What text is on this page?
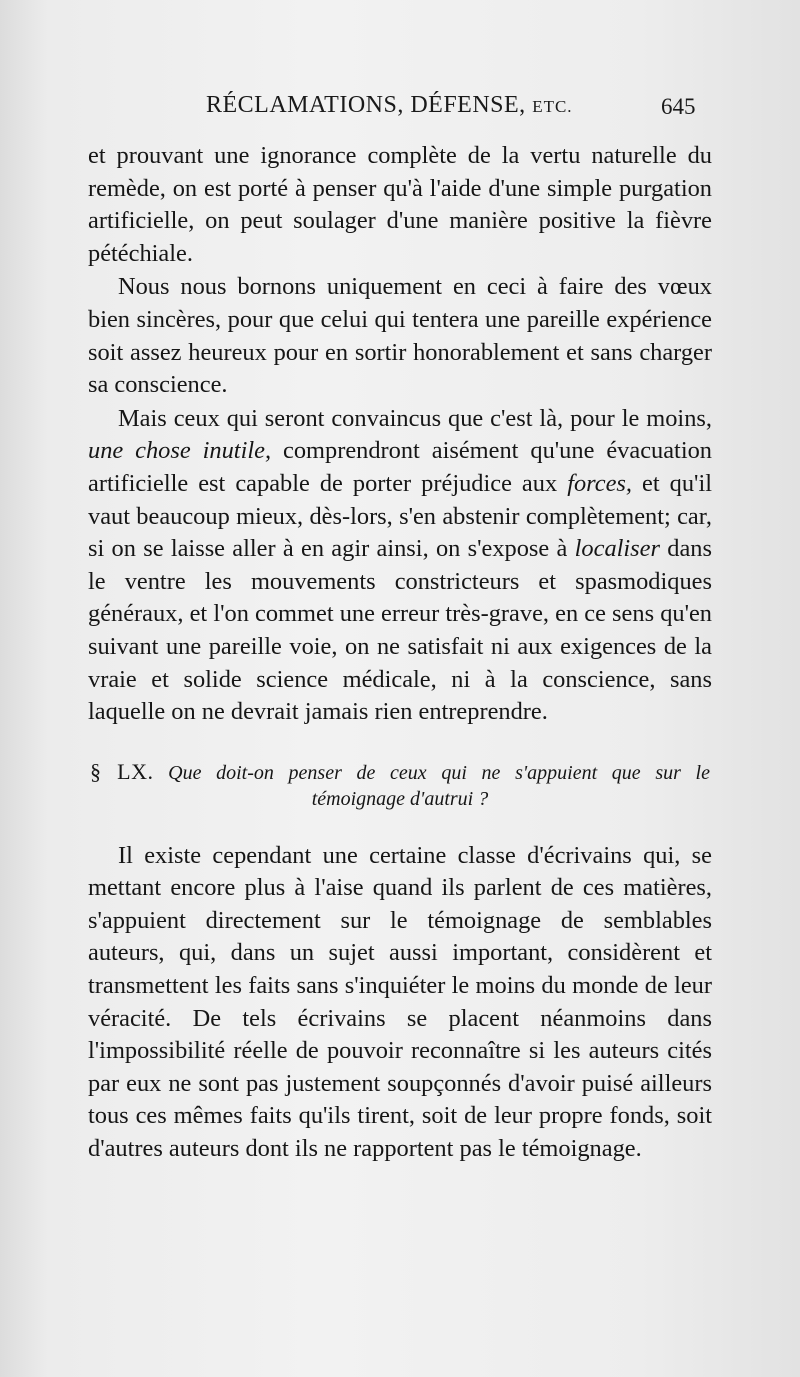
RÉCLAMATIONS, DÉFENSE, ETC.	645

et prouvant une ignorance complète de la vertu naturelle du remède, on est porté à penser qu'à l'aide d'une simple purgation artificielle, on peut soulager d'une manière positive la fièvre pétéchiale.

Nous nous bornons uniquement en ceci à faire des vœux bien sincères, pour que celui qui tentera une pareille expérience soit assez heureux pour en sortir honorablement et sans charger sa conscience.

Mais ceux qui seront convaincus que c'est là, pour le moins, une chose inutile, comprendront aisément qu'une évacuation artificielle est capable de porter préjudice aux forces, et qu'il vaut beaucoup mieux, dès-lors, s'en abstenir complètement; car, si on se laisse aller à en agir ainsi, on s'expose à localiser dans le ventre les mouvements constricteurs et spasmodiques généraux, et l'on commet une erreur très-grave, en ce sens qu'en suivant une pareille voie, on ne satisfait ni aux exigences de la vraie et solide science médicale, ni à la conscience, sans laquelle on ne devrait jamais rien entreprendre.

§ LX. Que doit-on penser de ceux qui ne s'appuient que sur le
témoignage d'autrui ?

Il existe cependant une certaine classe d'écrivains qui, se mettant encore plus à l'aise quand ils parlent de ces matières, s'appuient directement sur le témoignage de semblables auteurs, qui, dans un sujet aussi important, considèrent et transmettent les faits sans s'inquiéter le moins du monde de leur véracité. De tels écrivains se placent néanmoins dans l'impossibilité réelle de pouvoir reconnaître si les auteurs cités par eux ne sont pas justement soupçonnés d'avoir puisé ailleurs tous ces mêmes faits qu'ils tirent, soit de leur propre fonds, soit d'autres auteurs dont ils ne rapportent pas le témoignage.
